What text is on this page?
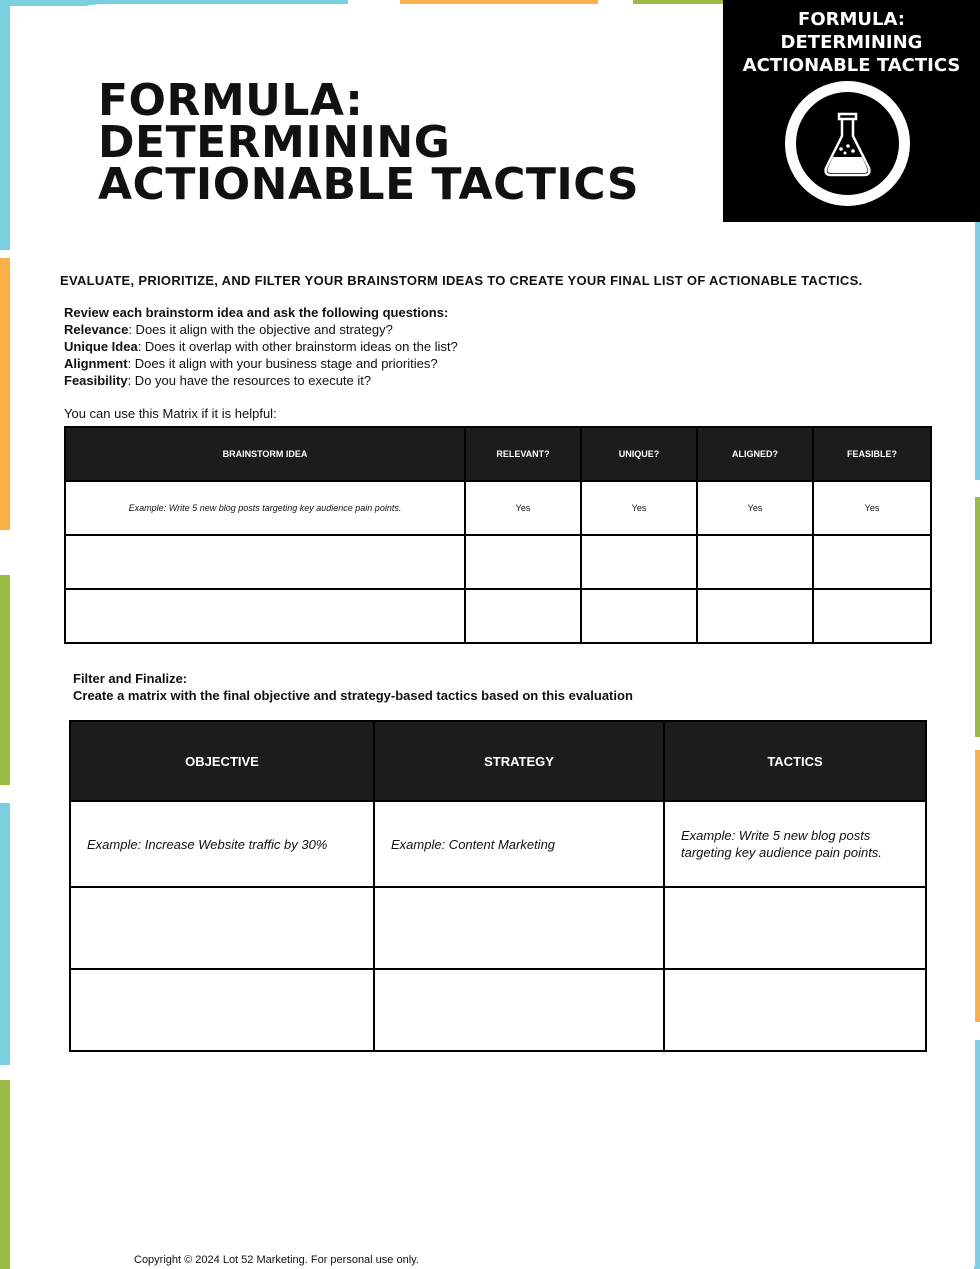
FORMULA:
DETERMINING
ACTIONABLE TACTICS
FORMULA:
DETERMINING
ACTIONABLE TACTICS

EVALUATE, PRIORITIZE, AND FILTER YOUR BRAINSTORM IDEAS TO CREATE YOUR FINAL LIST OF ACTIONABLE TACTICS.

Review each brainstorm idea and ask the following questions:
Relevance: Does it align with the objective and strategy?
Unique Idea: Does it overlap with other brainstorm ideas on the list?
Alignment: Does it align with your business stage and priorities?
Feasibility: Do you have the resources to execute it?
You can use this Matrix if it is helpful:
BRAINSTORM IDEA	RELEVANT?	UNIQUE?	ALIGNED?	FEASIBLE?
Example: Write 5 new blog posts targeting key audience pain points.	Yes	Yes	Yes	Yes

Filter and Finalize:
Create a matrix with the final objective and strategy-based tactics based on this evaluation
OBJECTIVE	STRATEGY	TACTICS
Example: Increase Website traffic by 30%	Example: Content Marketing	Example: Write 5 new blog posts targeting key audience pain points.

Copyright © 2024 Lot 52 Marketing. For personal use only.
